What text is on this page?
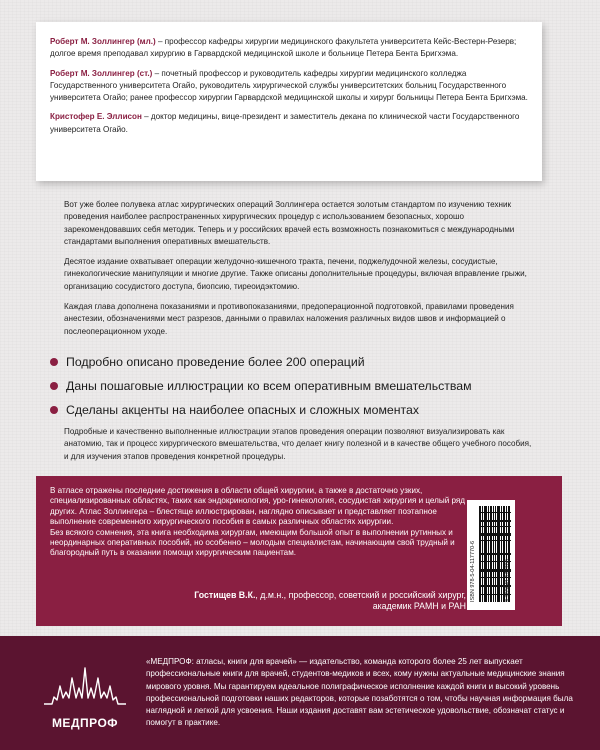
Роберт М. Золлингер (мл.) – профессор кафедры хирургии медицинского факультета университета Кейс-Вестерн-Резерв; долгое время преподавал хирургию в Гарвардской медицинской школе и больнице Петера Бента Бригхэма.
Роберт М. Золлингер (ст.) – почетный профессор и руководитель кафедры хирургии медицинского колледжа Государственного университета Огайо, руководитель хирургической службы университетских больниц Государственного университета Огайо; ранее профессор хирургии Гарвардской медицинской школы и хирург больницы Петера Бента Бригхэма.
Кристофер Е. Эллисон – доктор медицины, вице-президент и заместитель декана по клинической части Государственного университета Огайо.

Вот уже более полувека атлас хирургических операций Золлингера остается золотым стандартом по изучению техник проведения наиболее распространенных хирургических процедур с использованием безопасных, хорошо зарекомендовавших себя методик. Теперь и у российских врачей есть возможность познакомиться с международными стандартами выполнения оперативных вмешательств.

Десятое издание охватывает операции желудочно-кишечного тракта, печени, поджелудочной железы, сосудистые, гинекологические манипуляции и многие другие. Также описаны дополнительные процедуры, включая вправление грыжи, организацию сосудистого доступа, биопсию, тиреоидэктомию.

Каждая глава дополнена показаниями и противопоказаниями, предоперационной подготовкой, правилами проведения анестезии, обозначениями мест разрезов, данными о правилах наложения различных видов швов и информацией о послеоперационном уходе.

Подробно описано проведение более 200 операций
Даны пошаговые иллюстрации ко всем оперативным вмешательствам
Сделаны акценты на наиболее опасных и сложных моментах

Подробные и качественно выполненные иллюстрации этапов проведения операции позволяют визуализировать как анатомию, так и процесс хирургического вмешательства, что делает книгу полезной и в качестве общего учебного пособия, и для изучения этапов проведения конкретной процедуры.

В атласе отражены последние достижения в области общей хирургии, а также в достаточно узких, специализированных областях, таких как эндокринология, уро-гинекология, сосудистая хирургия и целый ряд других. Атлас Золлингера – блестяще иллюстрирован, наглядно описывает и представляет поэтапное выполнение современного хирургического пособия в самых различных областях хирургии.

Без всякого сомнения, эта книга необходима хирургам, имеющим большой опыт в выполнении рутинных и неординарных оперативных пособий, но особенно – молодым специалистам, начинающим свой трудный и благородный путь в оказании помощи хирургическим пациентам.

Гостищев В.К., д.м.н., профессор, советский и российский хирург,
академик РАМН и РАН
ISBN 978-5-04-117770-6	9 785041 177706
МЕДПРОФ
«МЕДПРОФ: атласы, книги для врачей» — издательство, команда которого более 25 лет выпускает профессиональные книги для врачей, студентов-медиков и всех, кому нужны актуальные медицинские знания мирового уровня. Мы гарантируем идеальное полиграфическое исполнение каждой книги и высокий уровень профессиональной подготовки наших редакторов, которые позаботятся о том, чтобы научная информация была наглядной и легкой для усвоения. Наши издания доставят вам эстетическое удовольствие, обозначат статус и помогут в практике.
